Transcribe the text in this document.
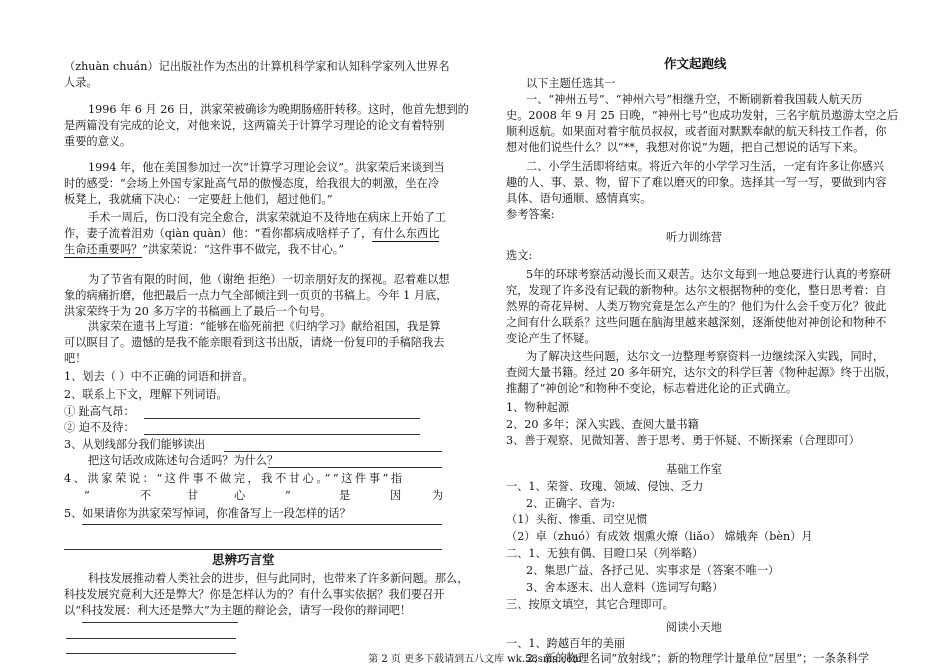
（zhuàn chuán）记出版社作为杰出的计算机科学家和认知科学家列入世界名
人录。
1996 年 6 月 26 日，洪家荣被确诊为晚期肠癌肝转移。这时，他首先想到的
是两篇没有完成的论文，对他来说，这两篇关于计算学习理论的论文有着特别
重要的意义。
1994 年，他在美国参加过一次“计算学习理论会议”。洪家荣后来谈到当
时的感受：“会场上外国专家趾高气昂的傲慢态度，给我很大的刺激，坐在冷
板凳上，我就痛下决心：一定要赶上他们，超过他们。”
手术一周后，伤口没有完全愈合，洪家荣就迫不及待地在病床上开始了工
作，妻子流着泪劝（qiàn quàn）他：“看你都病成啥样子了，有什么东西比
生命还重要吗？”洪家荣说：“这件事不做完，我不甘心。”
为了节省有限的时间，他（谢绝 拒绝）一切亲朋好友的探视。忍着难以想
象的病痛折磨，他把最后一点力气全部倾注到一页页的书稿上。今年 1 月底，
洪家荣终于为 20 多万字的书稿画上了最后一个句号。
洪家荣在遗书上写道：“能够在临死前把《归纳学习》献给祖国，我是算
可以瞑目了。遗憾的是我不能亲眼看到这书出版，请烧一份复印的手稿陪我去
吧！
1、划去（ ）中不正确的词语和拼音。
2、联系上下文，理解下列词语。
① 趾高气昂：
② 迫不及待：
3、从划线部分我们能够读出
把这句话改成陈述句合适吗？为什么？
4、洪家荣说：“这件事不做完，我不甘心。”“这件事”指
“	不	甘	心	”	是	因	为
5、如果请你为洪家荣写悼词，你准备写上一段怎样的话？
思辨巧言堂
科技发展推动着人类社会的进步，但与此同时，也带来了许多新问题。那么，
科技发展究竟利大还是弊大？你是怎样认为的？有什么事实依据？我们要召开
以“科技发展：利大还是弊大”为主题的辩论会，请写一段你的辩词吧！
作文起跑线
以下主题任选其一
一、“神州五号”、“神州六号”相继升空，不断刷新着我国载人航天历
史。2008 年 9 月 25 日晚，“神州七号”也成功发射，三名宇航员遨游太空之后
顺利返航。如果面对着宇航员叔叔，或者面对默默奉献的航天科技工作者，你
想对他们说些什么？以“**，我想对你说”为题，把自己想说的话写下来。
二、小学生活即将结束。将近六年的小学学习生活，一定有许多让你感兴
趣的人、事、景、物，留下了难以磨灭的印象。选择其一写一写，要做到内容
具体、语句通顺、感情真实。
参考答案:
听力训练营
选文:
5年的环球考察活动漫长而又艰苦。达尔文每到一地总要进行认真的考察研
究，发现了许多没有记载的新物种。达尔文根据物种的变化，整日思考着：自
然界的奇花异树、人类万物究竟是怎么产生的？他们为什么会千变万化？彼此
之间有什么联系？这些问题在脑海里越来越深刻，逐渐使他对神创论和物种不
变论产生了怀疑。
为了解决这些问题，达尔文一边整理考察资料一边继续深入实践，同时，
查阅大量书籍。经过 20 多年研究，达尔文的科学巨著《物种起源》终于出版，
推翻了“神创论”和物种不变论，标志着进化论的正式确立。
1、物种起源
2、20 多年；深入实践、查阅大量书籍
3、善于观察、见微知著、善于思考、勇于怀疑、不断探索（合理即可）
基础工作室
一、1、荣誉、玫瑰、领域、侵蚀、乏力
2、正确字、音为:
（1）头衔、惨重、司空见惯
（2）卓（zhuó）有成效 烟熏火燎（liǎo） 嫦娥奔（bèn）月
二、1、无独有偶、目瞪口呆（列举略）
2、集思广益、各抒己见、实事求是（答案不唯一）
3、舍本逐末、出人意料（选词写句略）
三、按原文填空，其它合理即可。
阅读小天地
一、1、跨越百年的美丽
2、新的物理名词“放射线”；新的物理学计量单位“居里”；一条条科学
第 2 页 更多下载请到五八文库 wk.58sms.com
